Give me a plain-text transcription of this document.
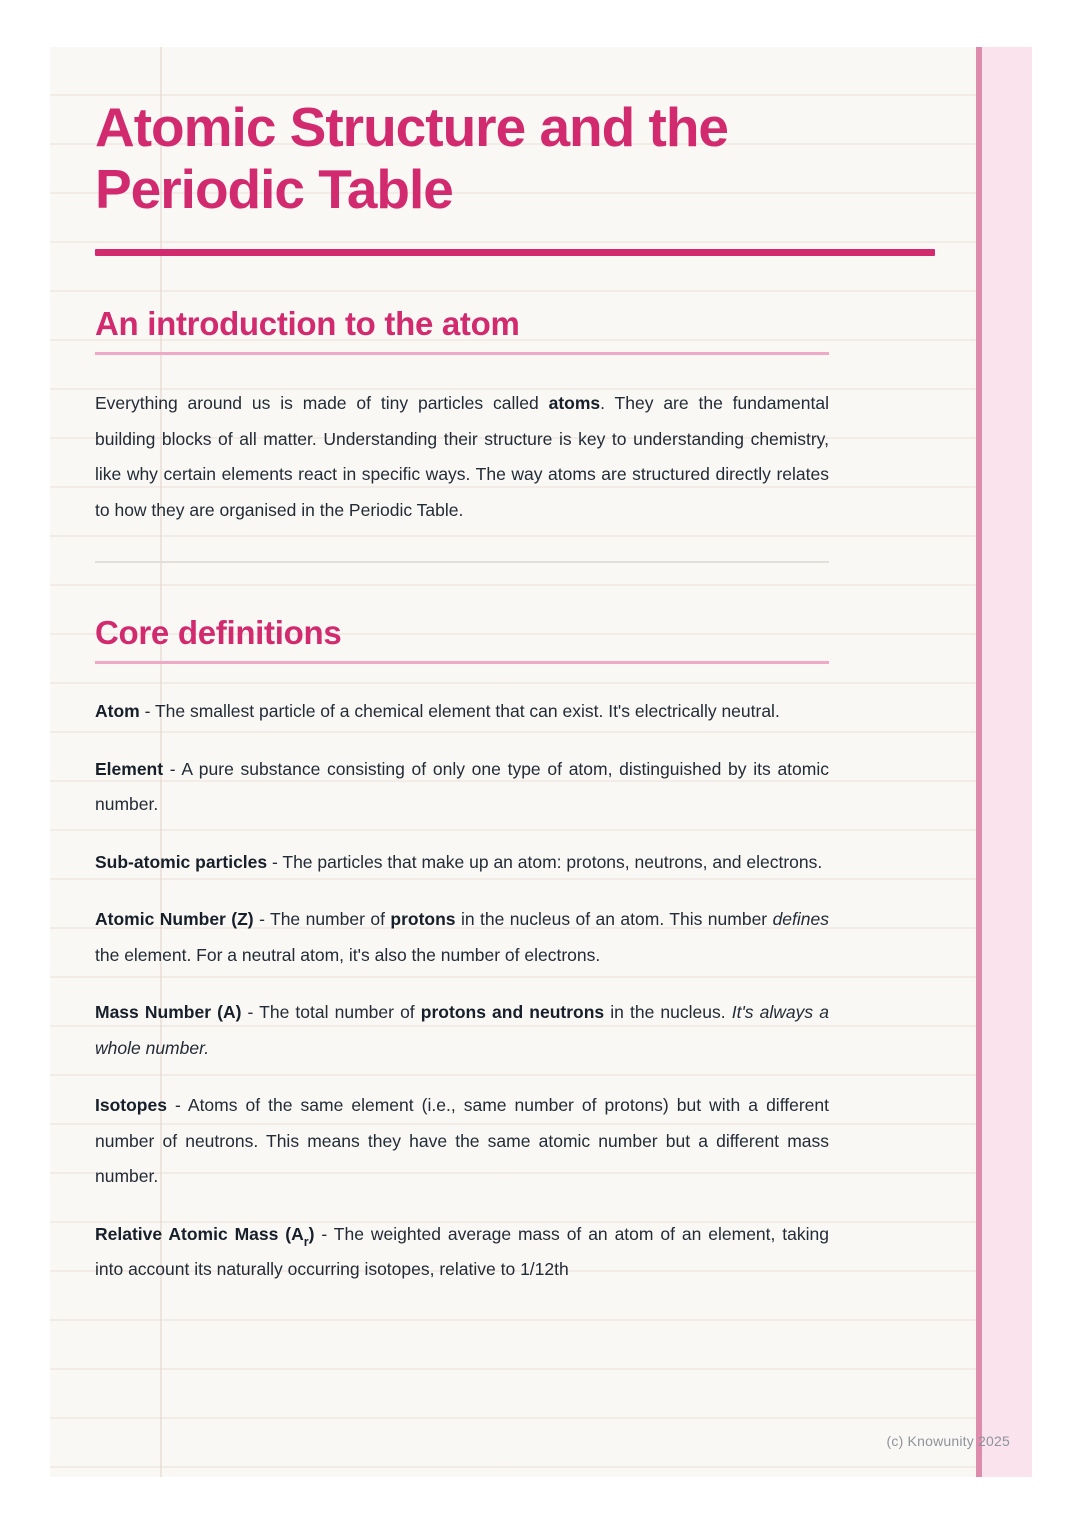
Atomic Structure and the Periodic Table
An introduction to the atom

Everything around us is made of tiny particles called atoms. They are the fundamental building blocks of all matter. Understanding their structure is key to understanding chemistry, like why certain elements react in specific ways. The way atoms are structured directly relates to how they are organised in the Periodic Table.

Core definitions

Atom - The smallest particle of a chemical element that can exist. It's electrically neutral.

Element - A pure substance consisting of only one type of atom, distinguished by its atomic number.

Sub-atomic particles - The particles that make up an atom: protons, neutrons, and electrons.

Atomic Number (Z) - The number of protons in the nucleus of an atom. This number defines the element. For a neutral atom, it's also the number of electrons.

Mass Number (A) - The total number of protons and neutrons in the nucleus. It's always a whole number.

Isotopes - Atoms of the same element (i.e., same number of protons) but with a different number of neutrons. This means they have the same atomic number but a different mass number.

Relative Atomic Mass $(A_r)$ - The weighted average mass of an atom of an element, taking into account its naturally occurring isotopes, relative to 1/12th

(c) Knowunity 2025
